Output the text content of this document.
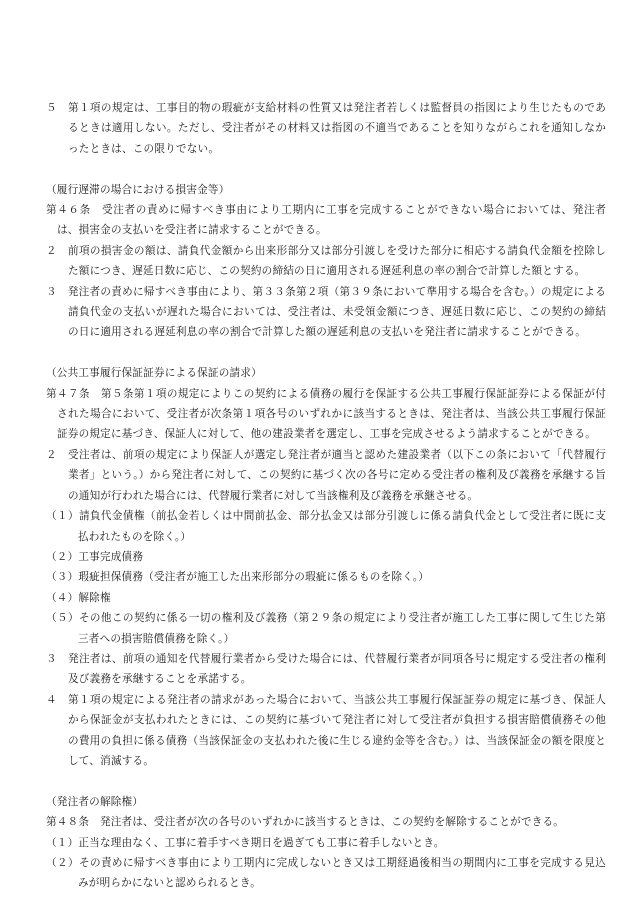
５　第１項の規定は、工事目的物の瑕疵が支給材料の性質又は発注者若しくは監督員の指図により生じたものであるときは適用しない。ただし、受注者がその材料又は指図の不適当であることを知りながらこれを通知しなかったときは、この限りでない。

（履行遅滞の場合における損害金等）

第４６条　受注者の責めに帰すべき事由により工期内に工事を完成することができない場合においては、発注者は、損害金の支払いを受注者に請求することができる。

２　前項の損害金の額は、請負代金額から出来形部分又は部分引渡しを受けた部分に相応する請負代金額を控除した額につき、遅延日数に応じ、この契約の締結の日に適用される遅延利息の率の割合で計算した額とする。

３　発注者の責めに帰すべき事由により、第３３条第２項（第３９条において準用する場合を含む。）の規定による請負代金の支払いが遅れた場合においては、受注者は、未受領金額につき、遅延日数に応じ、この契約の締結の日に適用される遅延利息の率の割合で計算した額の遅延利息の支払いを発注者に請求することができる。

（公共工事履行保証証券による保証の請求）

第４７条　第５条第１項の規定によりこの契約による債務の履行を保証する公共工事履行保証証券による保証が付された場合において、受注者が次条第１項各号のいずれかに該当するときは、発注者は、当該公共工事履行保証証券の規定に基づき、保証人に対して、他の建設業者を選定し、工事を完成させるよう請求することができる。

２　受注者は、前項の規定により保証人が選定し発注者が適当と認めた建設業者（以下この条において「代替履行業者」という。）から発注者に対して、この契約に基づく次の各号に定める受注者の権利及び義務を承継する旨の通知が行われた場合には、代替履行業者に対して当該権利及び義務を承継させる。

（１）請負代金債権（前払金若しくは中間前払金、部分払金又は部分引渡しに係る請負代金として受注者に既に支払われたものを除く。）

（２）工事完成債務

（３）瑕疵担保債務（受注者が施工した出来形部分の瑕疵に係るものを除く。）

（４）解除権

（５）その他この契約に係る一切の権利及び義務（第２９条の規定により受注者が施工した工事に関して生じた第三者への損害賠償債務を除く。）

３　発注者は、前項の通知を代替履行業者から受けた場合には、代替履行業者が同項各号に規定する受注者の権利及び義務を承継することを承諾する。

４　第１項の規定による発注者の請求があった場合において、当該公共工事履行保証証券の規定に基づき、保証人から保証金が支払われたときには、この契約に基づいて発注者に対して受注者が負担する損害賠償債務その他の費用の負担に係る債務（当該保証金の支払われた後に生じる違約金等を含む。）は、当該保証金の額を限度として、消滅する。

（発注者の解除権）

第４８条　発注者は、受注者が次の各号のいずれかに該当するときは、この契約を解除することができる。

（１）正当な理由なく、工事に着手すべき期日を過ぎても工事に着手しないとき。

（２）その責めに帰すべき事由により工期内に完成しないとき又は工期経過後相当の期間内に工事を完成する見込みが明らかにないと認められるとき。
